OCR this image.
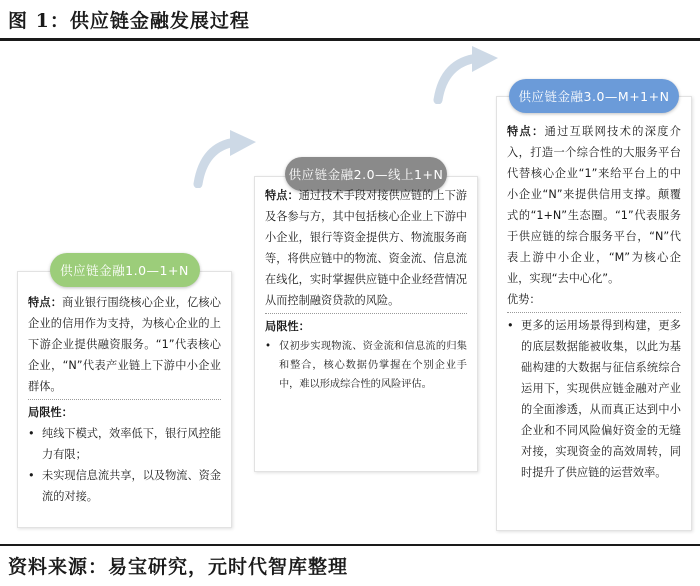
图 1：供应链金融发展过程
供应链金融1.0—1+N

特点：商业银行围绕核心企业，亿核心企业的信用作为支持，为核心企业的上下游企业提供融资服务。“1”代表核心企业，“N”代表产业链上下游中小企业群体。

局限性：

• 纯线下模式，效率低下，银行风控能力有限；
• 未实现信息流共享，以及物流、资金流的对接。
供应链金融2.0—线上1+N

特点：通过技术手段对接供应链的上下游及各参与方，其中包括核心企业上下游中小企业，银行等资金提供方、物流服务商等，将供应链中的物流、资金流、信息流在线化，实时掌握供应链中企业经营情况从而控制融资贷款的风险。

局限性：

• 仅初步实现物流、资金流和信息流的归集和整合，核心数据仍掌握在个别企业手中，难以形成综合性的风险评估。
供应链金融3.0—M+1+N

特点：通过互联网技术的深度介入，打造一个综合性的大服务平台代替核心企业“1”来给平台上的中小企业“N”来提供信用支撑。颠覆式的“1+N”生态圈。“1”代表服务于供应链的综合服务平台，“N”代表上游中小企业，“M”为核心企业，实现“去中心化”。

优势：

• 更多的运用场景得到构建，更多的底层数据能被收集，以此为基础构建的大数据与征信系统综合运用下，实现供应链金融对产业的全面渗透，从而真正达到中小企业和不同风险偏好资金的无缝对接，实现资金的高效周转，同时提升了供应链的运营效率。
资料来源：易宝研究，元时代智库整理
